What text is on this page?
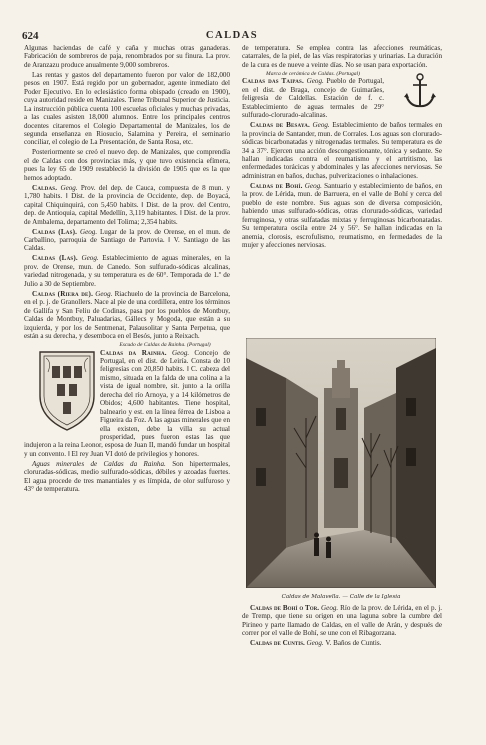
624	CALDAS

Algunas haciendas de café y caña y muchas otras ganaderas. Fabricación de sombreros de paja, renombrados por su finura. La prov. de Aranzazu produce anualmente 9,000 sombreros.

Las rentas y gastos del departamento fueron por valor de 182,000 pesos en 1907. Está regido por un gobernador, agente inmediato del Poder Ejecutivo. En lo eclesiástico forma obispado (creado en 1900), cuya autoridad reside en Manizales. Tiene Tribunal Superior de Justicia. La instrucción pública cuenta 100 escuelas oficiales y muchas privadas, a las cuales asisten 18,000 alumnos. Entre los principales centros docentes citaremos el Colegio Departamental de Manizales, los de segunda enseñanza en Riosucio, Salamina y Pereira, el seminario conciliar, el colegio de La Presentación, de Santa Rosa, etc.

Posteriormente se creó el nuevo dep. de Manizales, que comprendía el de Caldas con dos provincias más, y que tuvo existencia efímera, pues la ley 65 de 1909 restableció la división de 1905 que es la que hemos adoptado.

Caldas. Geog. Prov. del dep. de Cauca, compuesta de 8 mun. y 1,780 habits. ‖ Dist. de la provincia de Occidente, dep. de Boyacá, capital Chiquinquirá, con 5,450 habits. ‖ Dist. de la prov. del Centro, dep. de Antioquia, capital Medellín, 3,119 habitantes. ‖ Dist. de la prov. de Ambalema, departamento del Tolima; 2,354 habits.

Caldas (Las). Geog. Lugar de la prov. de Orense, en el mun. de Carballino, parroquia de Santiago de Partovia. ‖ V. Santiago de las Caldas.

Caldas (Las). Geog. Establecimiento de aguas minerales, en la prov. de Orense, mun. de Canedo. Son sulfurado-sódicas alcalinas, variedad nitrogenada, y su temperatura es de 60°. Temporada de 1.º de Julio a 30 de Septiembre.

Caldas (Riera de). Geog. Riachuelo de la provincia de Barcelona, en el p. j. de Granollers. Nace al pie de una cordillera, entre los términos de Gallifa y San Feliu de Codinas, pasa por los pueblos de Montbuy, Caldas de Montbuy, Paluadarias, Gállecs y Mogoda, que están a su izquierda, y por los de Sentmenat, Palausolitar y Santa Perpetua, que están a su derecha, y desemboca en el Besós, junto a Reixach.

Escudo de Caldas da Rainha. (Portugal)
Caldas da Rainha. Geog. Concejo de Portugal, en el dist. de Leiría. Consta de 10 feligresías con 20,850 habits. ‖ C. cabeza del mismo, situada en la falda de una colina a la vista de igual nombre, sit. junto a la orilla derecha del río Arnoya, y a 14 kilómetros de Obidos; 4,600 habitantes. Tiene hospital, balneario y est. en la línea férrea de Lisboa a Figueira da Foz. A las aguas minerales que en ella existen, debe la villa su actual prosperidad, pues fueron estas las que indujeron a la reina Leonor, esposa de Juan II, mandó fundar un hospital y un convento. ‖ El rey Juan VI dotó de privilegios y honores.

Aguas minerales de Caldas da Rainha. Son hipertermales, cloruradas-sódicas, medio sulfurado-sódicas, débiles y azoadas fuertes. El agua procede de tres manantiales y es límpida, de olor sulfuroso y 43° de temperatura.

de temperatura. Se emplea contra las afecciones reumáticas, catarrales, de la piel, de las vías respiratorias y urinarias. La duración de la cura es de nueve a veinte días. No se usan para exportación.

Marca de cerámica de Caldas. (Portugal)
Caldas das Taipas. Geog. Pueblo de Portugal, en el dist. de Braga, concejo de Guimarães, feligresía de Caldellas. Estación de f. c. Establecimiento de aguas termales de 29° sulfurado-clorurado-alcalinas.

Caldas de Besaya. Geog. Establecimiento de baños termales en la provincia de Santander, mun. de Corrales. Los aguas son clorurado-sódicas bicarbonatadas y nitrogenadas termales. Su temperatura es de 34 a 37°. Ejercen una acción descongestionante, tónica y sedante. Se hallan indicadas contra el reumatismo y el artritismo, las enfermedades torácicas y abdominales y las afecciones nerviosas. Se administran en baños, duchas, pulverizaciones o inhalaciones.

Caldas de Bohí. Geog. Santuario y establecimiento de baños, en la prov. de Lérida, mun. de Barruera, en el valle de Bohí y cerca del pueblo de este nombre. Sus aguas son de diversa composición, habiendo unas sulfurado-sódicas, otras clorurado-sódicas, variedad ferruginosa, y otras sulfatadas mixtas y ferruginosas bicarbonatadas. Su temperatura oscila entre 24 y 56°. Se hallan indicadas en la anemia, clorosis, escrofulismo, reumatismo, en fermedades de la mujer y afecciones nerviosas.

Caldas de Malavella. — Calle de la Iglesia

Caldas de Bohí o Tor. Geog. Río de la prov. de Lérida, en el p. j. de Tremp, que tiene su origen en una laguna sobre la cumbre del Pirineo y parte llamado de Caldas, en el valle de Arán, y después de correr por el valle de Bohí, se une con el Ribagorzana.

Caldas de Cuntis. Geog. V. Baños de Cuntis.
